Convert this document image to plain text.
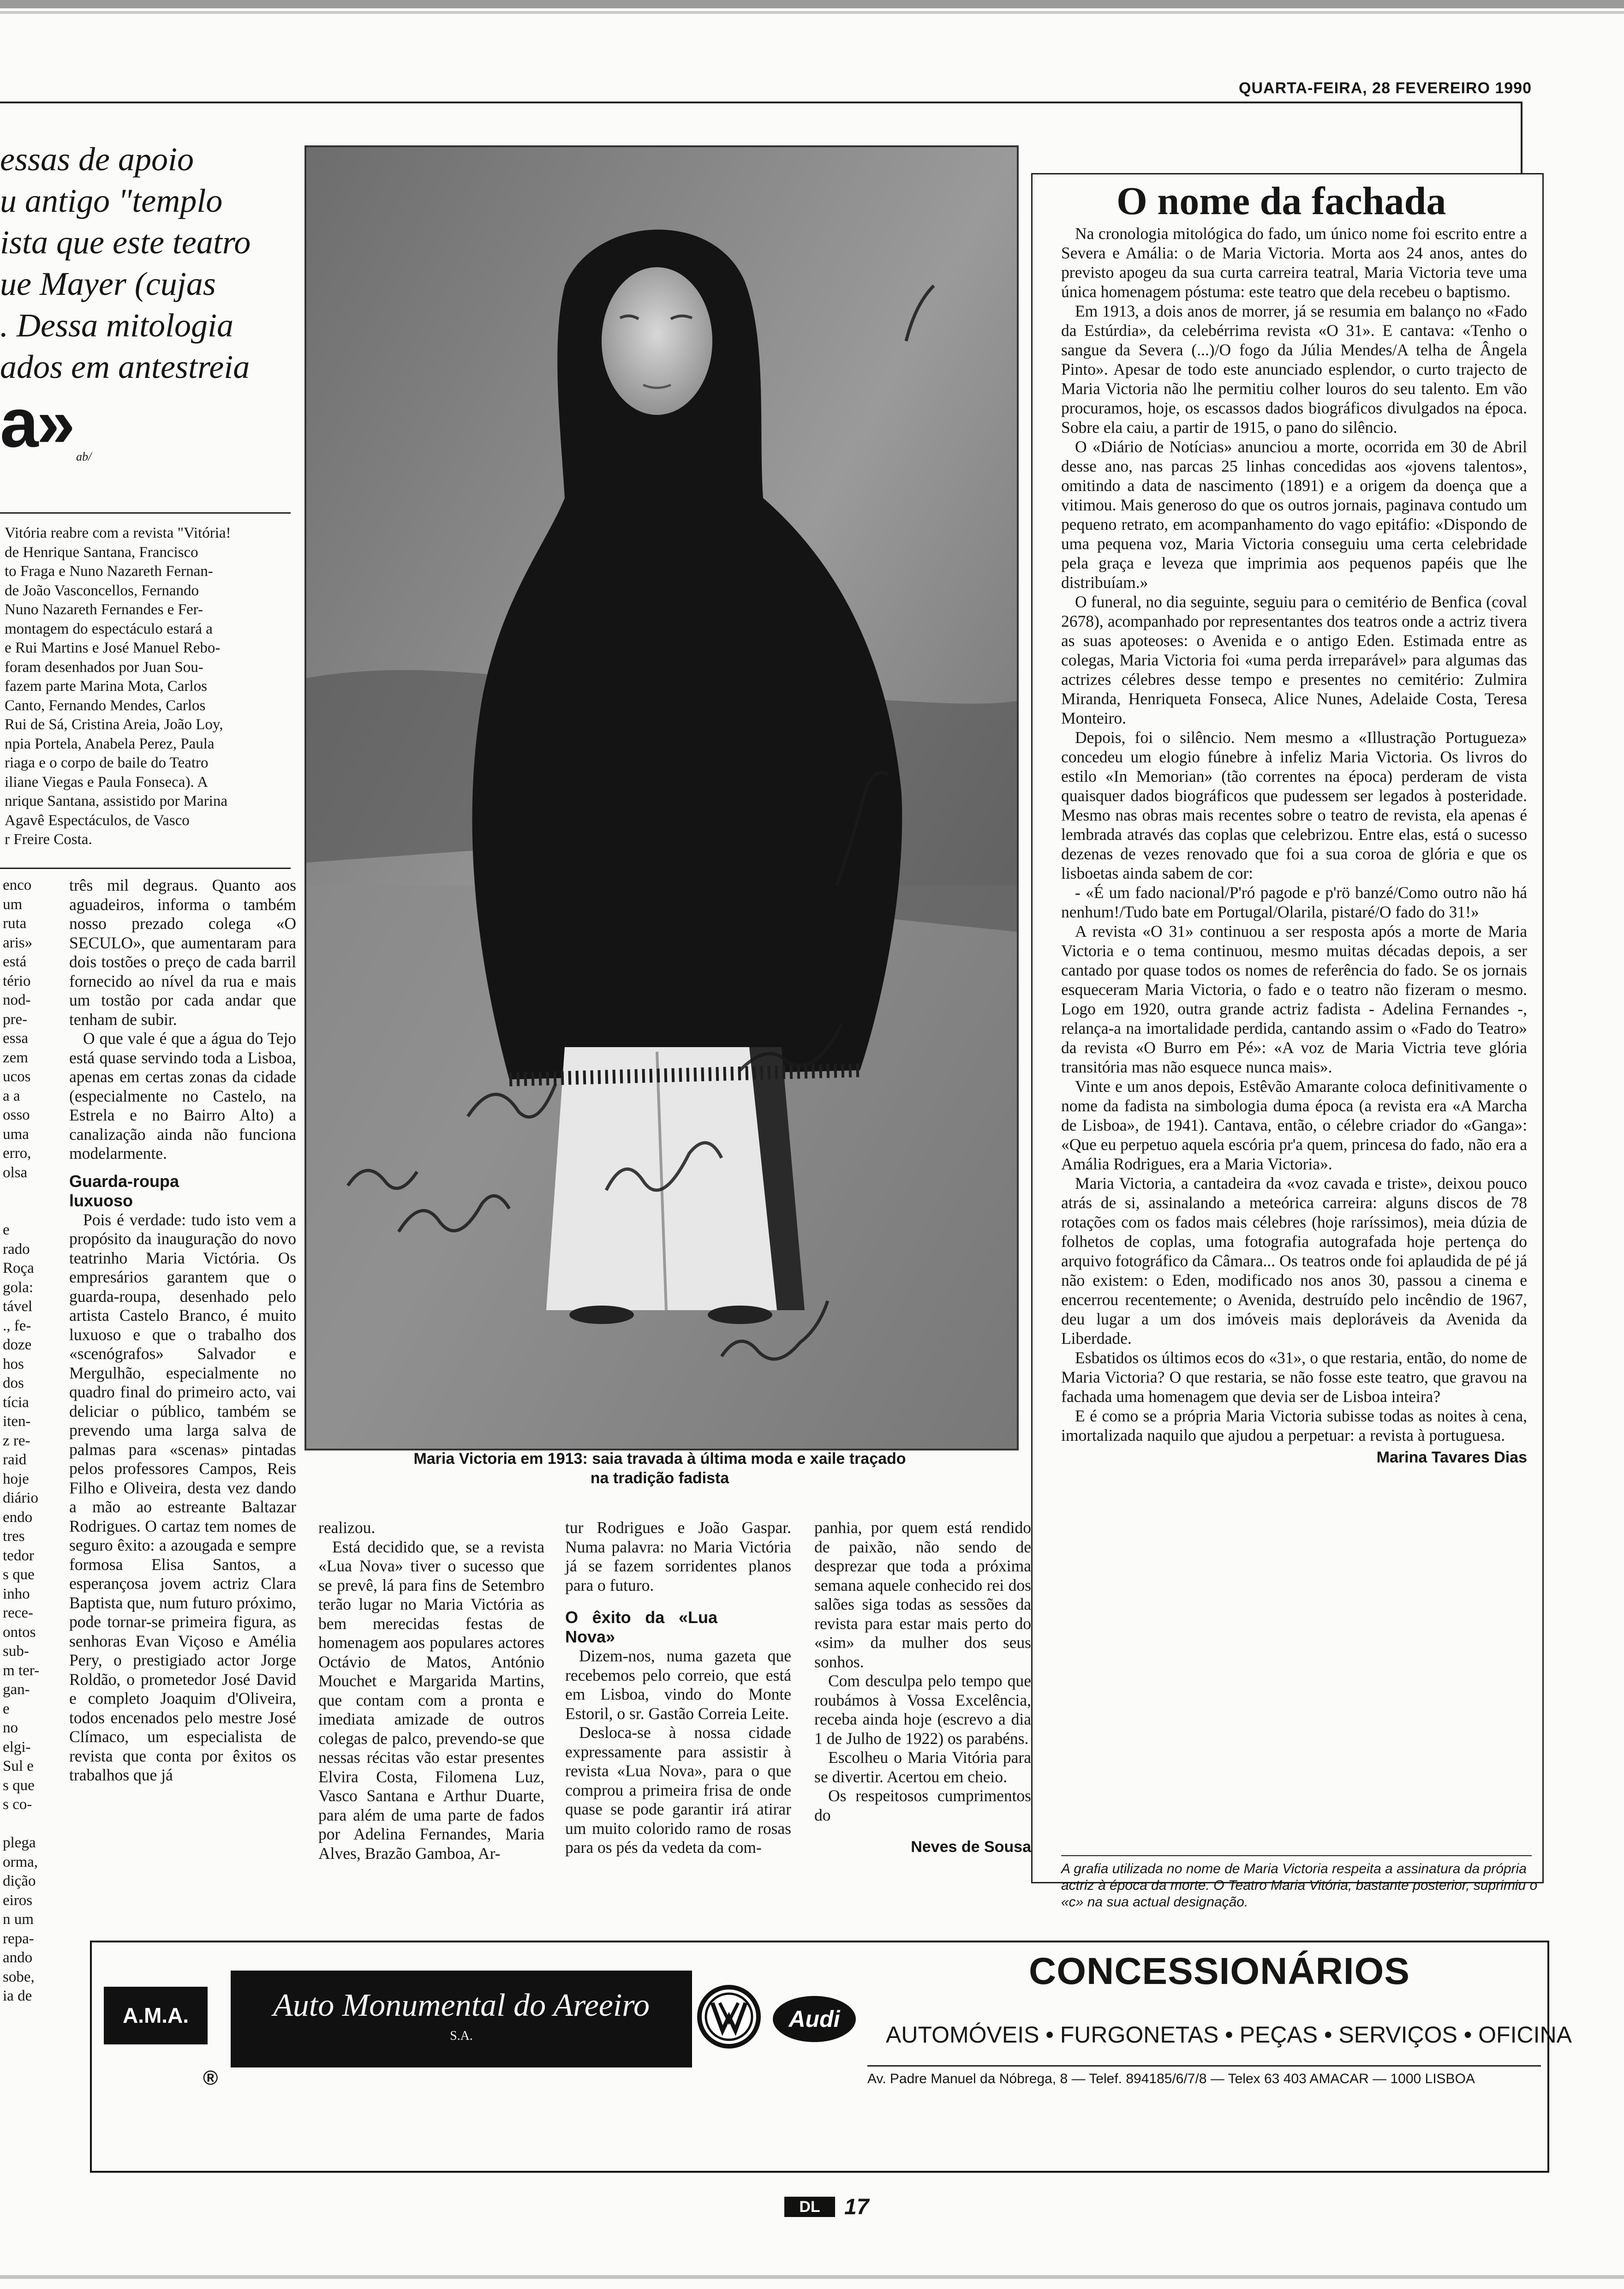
QUARTA-FEIRA, 28 FEVEREIRO 1990
essas de apoio
u antigo "templo
ista que este teatro
ue Mayer (cujas
. Dessa mitologia
ados em antestreia
a» ab/

Vitória reabre com a revista "Vitória!

de Henrique Santana, Francisco

to Fraga e Nuno Nazareth Fernan-

de João Vasconcellos, Fernando

Nuno Nazareth Fernandes e Fer-

montagem do espectáculo estará a

e Rui Martins e José Manuel Rebo-

foram desenhados por Juan Sou-

fazem parte Marina Mota, Carlos

Canto, Fernando Mendes, Carlos

Rui de Sá, Cristina Areia, João Loy,

npia Portela, Anabela Perez, Paula

riaga e o corpo de baile do Teatro

iliane Viegas e Paula Fonseca). A

nrique Santana, assistido por Marina

Agavê Espectáculos, de Vasco

r Freire Costa.

enco

um

ruta

aris»

está

tério

nod-

pre-

essa

zem

ucos

a a

osso

uma

erro,

olsa

e

rado

Roça

gola:

tável

., fe-

doze

hos

dos

tícia

iten-

z re-

raid

hoje

diário

endo

tres

tedor

s que

inho

rece-

ontos

sub-

m ter-

gan-

e

no

elgi-

Sul e

s que

s co-

plega

orma,

dição

eiros

n um

repa-

ando

sobe,

ia de

três mil degraus. Quanto aos aguadeiros, informa o também nosso prezado colega «O SECULO», que aumentaram para dois tostões o preço de cada barril fornecido ao nível da rua e mais um tostão por cada andar que tenham de subir.

O que vale é que a água do Tejo está quase servindo toda a Lisboa, apenas em certas zonas da cidade (especialmente no Castelo, na Estrela e no Bairro Alto) a canalização ainda não funciona modelarmente.

Guarda-roupa luxuoso

Pois é verdade: tudo isto vem a propósito da inauguração do novo teatrinho Maria Victória. Os empresários garantem que o guarda-roupa, desenhado pelo artista Castelo Branco, é muito luxuoso e que o trabalho dos «scenógrafos» Salvador e Mergulhão, especialmente no quadro final do primeiro acto, vai deliciar o público, também se prevendo uma larga salva de palmas para «scenas» pintadas pelos professores Campos, Reis Filho e Oliveira, desta vez dando a mão ao estreante Baltazar Rodrigues. O cartaz tem nomes de seguro êxito: a azougada e sempre formosa Elisa Santos, a esperançosa jovem actriz Clara Baptista que, num futuro próximo, pode tornar-se primeira figura, as senhoras Evan Viçoso e Amélia Pery, o prestigiado actor Jorge Roldão, o prometedor José David e completo Joaquim d'Oliveira, todos encenados pelo mestre José Clímaco, um especialista de revista que conta por êxitos os trabalhos que já

Maria Victoria em 1913: saia travada à última moda e xaile traçado
na tradição fadista

realizou.

Está decidido que, se a revista «Lua Nova» tiver o sucesso que se prevê, lá para fins de Setembro terão lugar no Maria Victória as bem merecidas festas de homenagem aos populares actores Octávio de Matos, António Mouchet e Margarida Martins, que contam com a pronta e imediata amizade de outros colegas de palco, prevendo-se que nessas récitas vão estar presentes Elvira Costa, Filomena Luz, Vasco Santana e Arthur Duarte, para além de uma parte de fados por Adelina Fernandes, Maria Alves, Brazão Gamboa, Ar-

tur Rodrigues e João Gaspar. Numa palavra: no Maria Victória já se fazem sorridentes planos para o futuro.

O êxito da «Lua Nova»

Dizem-nos, numa gazeta que recebemos pelo correio, que está em Lisboa, vindo do Monte Estoril, o sr. Gastão Correia Leite.

Desloca-se à nossa cidade expressamente para assistir à revista «Lua Nova», para o que comprou a primeira frisa de onde quase se pode garantir irá atirar um muito colorido ramo de rosas para os pés da vedeta da com-

panhia, por quem está rendido de paixão, não sendo de desprezar que toda a próxima semana aquele conhecido rei dos salões siga todas as sessões da revista para estar mais perto do «sim» da mulher dos seus sonhos.

Com desculpa pelo tempo que roubámos à Vossa Excelência, receba ainda hoje (escrevo a dia 1 de Julho de 1922) os parabéns.

Escolheu o Maria Vitória para se divertir. Acertou em cheio.

Os respeitosos cumprimentos do

Neves de Sousa
O nome da fachada

Na cronologia mitológica do fado, um único nome foi escrito entre a Severa e Amália: o de Maria Victoria. Morta aos 24 anos, antes do previsto apogeu da sua curta carreira teatral, Maria Victoria teve uma única homenagem póstuma: este teatro que dela recebeu o baptismo.

Em 1913, a dois anos de morrer, já se resumia em balanço no «Fado da Estúrdia», da celebérrima revista «O 31». E cantava: «Tenho o sangue da Severa (...)/O fogo da Júlia Mendes/A telha de Ângela Pinto». Apesar de todo este anunciado esplendor, o curto trajecto de Maria Victoria não lhe permitiu colher louros do seu talento. Em vão procuramos, hoje, os escassos dados biográficos divulgados na época. Sobre ela caiu, a partir de 1915, o pano do silêncio.

O «Diário de Notícias» anunciou a morte, ocorrida em 30 de Abril desse ano, nas parcas 25 linhas concedidas aos «jovens talentos», omitindo a data de nascimento (1891) e a origem da doença que a vitimou. Mais generoso do que os outros jornais, paginava contudo um pequeno retrato, em acompanhamento do vago epitáfio: «Dispondo de uma pequena voz, Maria Victoria conseguiu uma certa celebridade pela graça e leveza que imprimia aos pequenos papéis que lhe distribuíam.»

O funeral, no dia seguinte, seguiu para o cemitério de Benfica (coval 2678), acompanhado por representantes dos teatros onde a actriz tivera as suas apoteoses: o Avenida e o antigo Eden. Estimada entre as colegas, Maria Victoria foi «uma perda irreparável» para algumas das actrizes célebres desse tempo e presentes no cemitério: Zulmira Miranda, Henriqueta Fonseca, Alice Nunes, Adelaide Costa, Teresa Monteiro.

Depois, foi o silêncio. Nem mesmo a «Illustração Portugueza» concedeu um elogio fúnebre à infeliz Maria Victoria. Os livros do estilo «In Memorian» (tão correntes na época) perderam de vista quaisquer dados biográficos que pudessem ser legados à posteridade. Mesmo nas obras mais recentes sobre o teatro de revista, ela apenas é lembrada através das coplas que celebrizou. Entre elas, está o sucesso dezenas de vezes renovado que foi a sua coroa de glória e que os lisboetas ainda sabem de cor:

- «É um fado nacional/P'ró pagode e p'rö banzé/Como outro não há nenhum!/Tudo bate em Portugal/Olarila, pistaré/O fado do 31!»

A revista «O 31» continuou a ser resposta após a morte de Maria Victoria e o tema continuou, mesmo muitas décadas depois, a ser cantado por quase todos os nomes de referência do fado. Se os jornais esqueceram Maria Victoria, o fado e o teatro não fizeram o mesmo. Logo em 1920, outra grande actriz fadista - Adelina Fernandes -, relança-a na imortalidade perdida, cantando assim o «Fado do Teatro» da revista «O Burro em Pé»: «A voz de Maria Victria teve glória transitória mas não esquece nunca mais».

Vinte e um anos depois, Estêvão Amarante coloca definitivamente o nome da fadista na simbologia duma época (a revista era «A Marcha de Lisboa», de 1941). Cantava, então, o célebre criador do «Ganga»: «Que eu perpetuo aquela escória pr'a quem, princesa do fado, não era a Amália Rodrigues, era a Maria Victoria».

Maria Victoria, a cantadeira da «voz cavada e triste», deixou pouco atrás de si, assinalando a meteórica carreira: alguns discos de 78 rotações com os fados mais célebres (hoje raríssimos), meia dúzia de folhetos de coplas, uma fotografia autografada hoje pertença do arquivo fotográfico da Câmara... Os teatros onde foi aplaudida de pé já não existem: o Eden, modificado nos anos 30, passou a cinema e encerrou recentemente; o Avenida, destruído pelo incêndio de 1967, deu lugar a um dos imóveis mais deploráveis da Avenida da Liberdade.

Esbatidos os últimos ecos do «31», o que restaria, então, do nome de Maria Victoria? O que restaria, se não fosse este teatro, que gravou na fachada uma homenagem que devia ser de Lisboa inteira?

E é como se a própria Maria Victoria subisse todas as noites à cena, imortalizada naquilo que ajudou a perpetuar: a revista à portuguesa.

Marina Tavares Dias
A grafia utilizada no nome de Maria Victoria respeita a assinatura da própria actriz à época da morte. O Teatro Maria Vitória, bastante posterior, suprimiu o «c» na sua actual designação.
A.M.A.
®
Auto Monumental do Areeiro
S.A.
Audi
CONCESSIONÁRIOS
AUTOMÓVEIS • FURGONETAS • PEÇAS • SERVIÇOS • OFICINA
Av. Padre Manuel da Nóbrega, 8 — Telef. 894185/6/7/8 — Telex 63 403 AMACAR — 1000 LISBOA
DL	17
